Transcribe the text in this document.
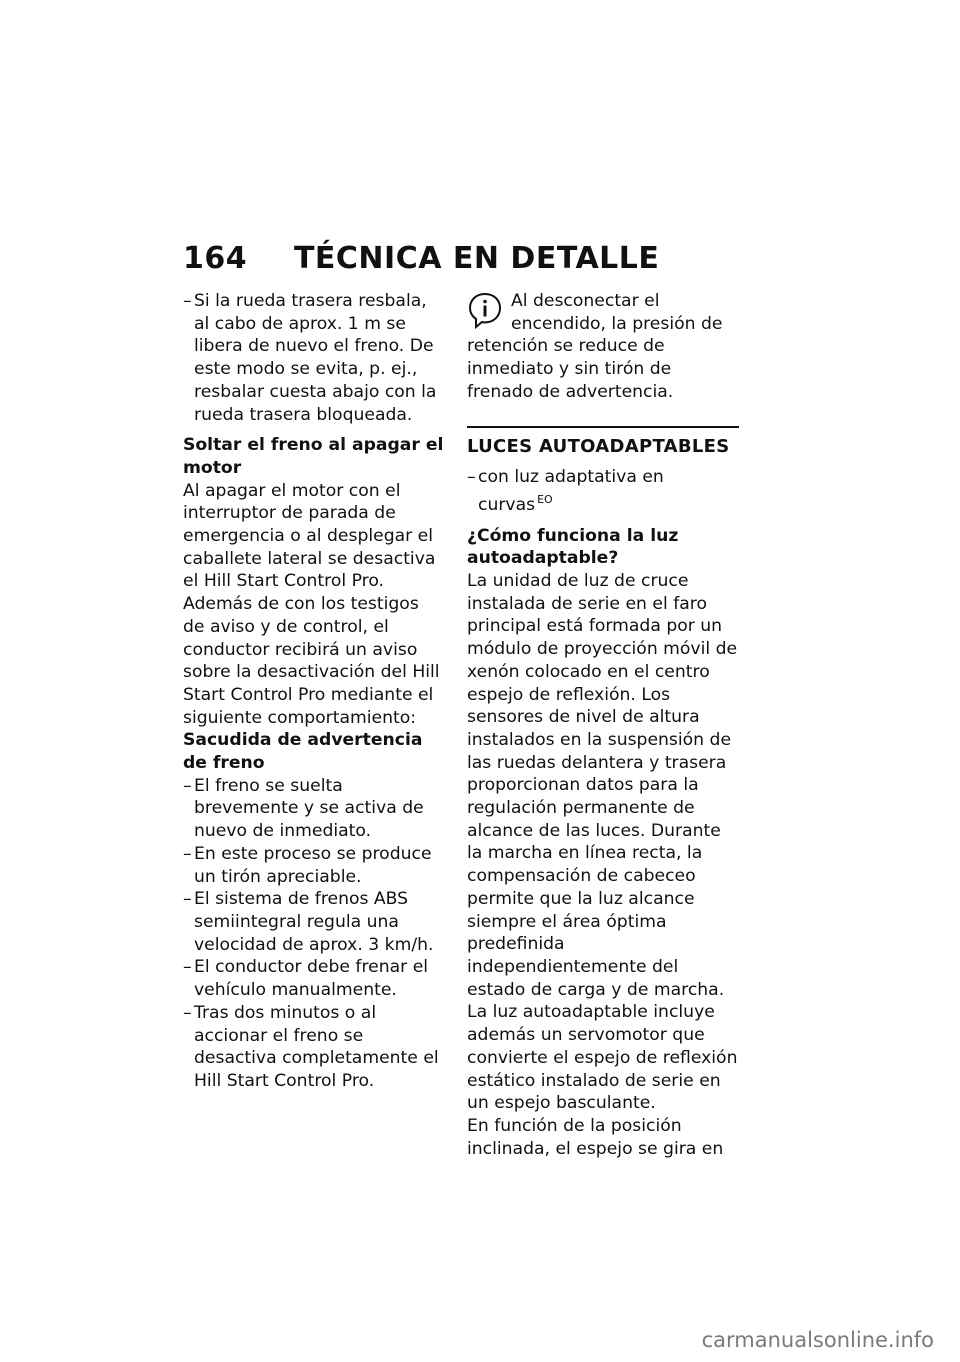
164 TÉCNICA EN DETALLE

– Si la rueda trasera resbala, al cabo de aprox. 1 m se libera de nuevo el freno. De este modo se evita, p. ej., resbalar cuesta abajo con la rueda trasera bloqueada.

Soltar el freno al apagar el motor

Al apagar el motor con el interruptor de parada de emergencia o al desplegar el caballete lateral se desactiva el Hill Start Control Pro.

Además de con los testigos de aviso y de control, el conductor recibirá un aviso sobre la desactivación del Hill Start Control Pro mediante el siguiente comportamiento:

Sacudida de advertencia de freno

– El freno se suelta brevemente y se activa de nuevo de inmediato.

– En este proceso se produce un tirón apreciable.

– El sistema de frenos ABS semiintegral regula una velocidad de aprox. 3 km/h.

– El conductor debe frenar el vehículo manualmente.

– Tras dos minutos o al accionar el freno se desactiva completamente el Hill Start Control Pro.

Al desconectar el encendido, la presión de retención se reduce de inmediato y sin tirón de frenado de advertencia.

LUCES AUTOADAPTABLES

– con luz adaptativa en curvas $^{EO}$

¿Cómo funciona la luz autoadaptable?

La unidad de luz de cruce instalada de serie en el faro principal está formada por un módulo de proyección móvil de xenón colocado en el centro espejo de reflexión. Los sensores de nivel de altura instalados en la suspensión de las ruedas delantera y trasera proporcionan datos para la regulación permanente de alcance de las luces. Durante la marcha en línea recta, la compensación de cabeceo permite que la luz alcance siempre el área óptima predefinida independientemente del estado de carga y de marcha.

La luz autoadaptable incluye además un servomotor que convierte el espejo de reflexión estático instalado de serie en un espejo basculante.

En función de la posición inclinada, el espejo se gira en

carmanualsonline.info
